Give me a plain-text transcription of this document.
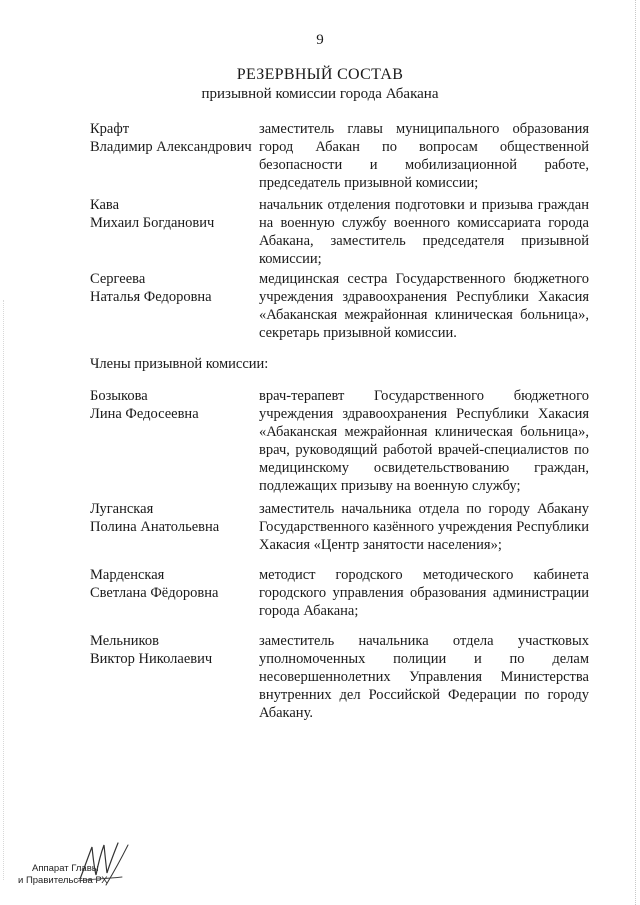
9
РЕЗЕРВНЫЙ СОСТАВ
призывной комиссии города Абакана
Крафт
Владимир Александрович
заместитель главы муниципального образования город Абакан по вопросам общественной безопасности и мобилизационной работе, председатель призывной комиссии;
Кава
Михаил Богданович
начальник отделения подготовки и призыва граждан на военную службу военного комиссариата города Абакана, заместитель председателя призывной комиссии;
Сергеева
Наталья Федоровна
медицинская сестра Государственного бюджетного учреждения здравоохранения Республики Хакасия «Абаканская межрайонная клиническая больница», секретарь призывной комиссии.
Члены призывной комиссии:
Бозыкова
Лина Федосеевна
врач-терапевт Государственного бюджетного учреждения здравоохранения Республики Хакасия «Абаканская межрайонная клиническая больница», врач, руководящий работой врачей-специалистов по медицинскому освидетельствованию граждан, подлежащих призыву на военную службу;
Луганская
Полина Анатольевна
заместитель начальника отдела по городу Абакану Государственного казённого учреждения Республики Хакасия «Центр занятости населения»;
Марденская
Светлана Фёдоровна
методист городского методического кабинета городского управления образования администрации города Абакана;
Мельников
Виктор Николаевич
заместитель начальника отдела участковых уполномоченных полиции и по делам несовершеннолетних Управления Министерства внутренних дел Российской Федерации по городу Абакану.
Аппарат Главы
и Правительства РХ
